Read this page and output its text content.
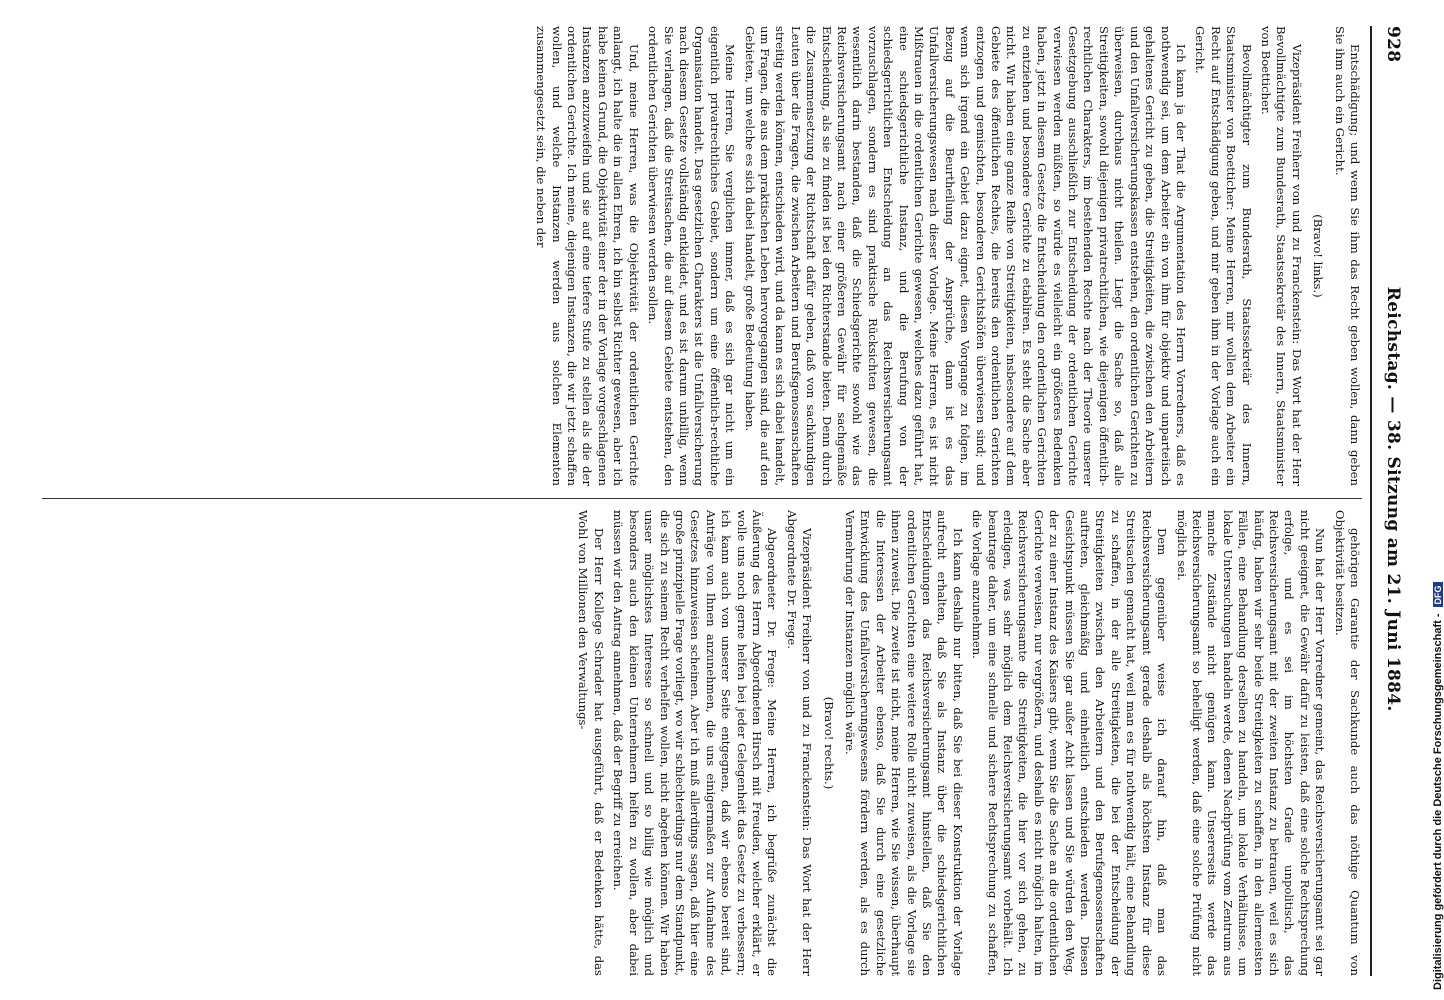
928
Reichstag. — 38. Sitzung am 21. Juni 1884.

Entschädigung; und wenn Sie ihm das Recht geben wollen, dann geben Sie ihm auch ein Gericht.

(Bravo! links.)

Vizepräsident Freiherr von und zu Franckenstein: Das Wort hat der Herr Bevollmächtigte zum Bundesrath, Staatssekretär des Innern, Staatsminister von Boetticher.

Bevollmächtigter zum Bundesrath, Staatssekretär des Innern, Staatsminister von Boetticher: Meine Herren, mir wollen dem Arbeiter ein Recht auf Entschädigung geben, und mir geben ihm in der Vorlage auch ein Gericht.

Ich kann ja der That die Argumentation des Herrn Vorredners, daß es nothwendig sei, um dem Arbeiter ein von ihm für objektiv und unparteiisch gehaltenes Gericht zu geben, die Streitigkeiten, die zwischen den Arbeitern und den Unfallversicherungskassen entstehen, den ordentlichen Gerichten zu überweisen, durchaus nicht theilen. Liegt die Sache so, daß alle Streitigkeiten, sowohl diejenigen privatrechtlichen, wie diejenigen öffentlich-rechtlichen Charakters, im bestehenden Rechte nach der Theorie unserer Gesetzgebung ausschließlich zur Entscheidung der ordentlichen Gerichte verwiesen werden müßten, so würde es vielleicht ein größeres Bedenken haben, jetzt in diesem Gesetze die Entscheidung den ordentlichen Gerichten zu entziehen und besondere Gerichte zu etabliren. Es steht die Sache aber nicht. Wir haben eine ganze Reihe von Streitigkeiten, insbesondere auf dem Gebiete des öffentlichen Rechtes, die bereits den ordentlichen Gerichten entzogen und gemischten, besonderen Gerichtshöfen überwiesen sind; und wenn sich irgend ein Gebiet dazu eignet, diesen Vorgange zu folgen, im Bezug auf die Beurtheilung der Ansprüche, dann ist es das Unfallversicherungswesen nach dieser Vorlage. Meine Herren, es ist nicht Mißtrauen in die ordentlichen Gerichte gewesen, welches dazu geführt hat, eine schiedsgerichtliche Instanz, und die Berufung von der schiedsgerichtlichen Entscheidung an das Reichsversicherungsamt vorzuschlagen, sondern es sind praktische Rücksichten gewesen, die wesentlich darin bestanden, daß die Schiedsgerichte sowohl wie das Reichsversicherungsamt nach einer größeren Gewähr für sachgemäße Entscheidung, als sie zu finden ist bei den Richterstande bieten. Denn durch die Zusammensetzung der Richtschaft dafür geben, daß von sachkundigen Leuten über die Fragen, die zwischen Arbeitern und Berufsgenossenschaften streitig werden können, entschieden wird, und da kann es sich dabei handelt, um Fragen, die aus dem praktischen Leben hervorgegangen sind, die auf den Gebieten, um welche es sich dabei handelt, große Bedeutung haben.

Meine Herren, Sie verglichen immer, daß es sich gar nicht um ein eigentlich privatrechtliches Gebiet, sondern um eine öffentlich-rechtliche Organisation handelt. Das gesetzlichen Charakters ist die Unfallversicherung nach diesem Gesetze vollständig entkleidet, und es ist darum unbillig, wenn Sie verlangen, daß die Streitsachen, die auf diesem Gebiete entstehen, den ordentlichen Gerichten überwiesen werden sollen.

Und, meine Herren, was die Objektivität der ordentlichen Gerichte anlangt, ich halte die in allen Ehren, ich bin selbst Richter gewesen, aber ich habe keinen Grund, die Objektivität einer der in der Vorlage vorgeschlagenen Instanzen anzuzweifeln und sie auf eine tiefere Stufe zu stellen als die der ordentlichen Gerichte. Ich meine, diejenigen Instanzen, die wir jetzt schaffen wollen, und welche Instanzen werden aus solchen Elementen zusammengesetzt sein, die neben der

gehörigen Garantie der Sachkunde auch das nöthige Quantum von Objektivität besitzen.

Nun hat der Herr Vorredner gemeint, das Reichsversicherungsamt sei gar nicht geeignet, die Gewähr dafür zu leisten, daß eine solche Rechtsprechung erfolge, und es sei im höchsten Grade unpolitisch, das Reichsversicherungsamt mit der zweiten Instanz zu betrauen, weil es sich häufig, haben wir sehr beide Streitigkeiten zu schaffen, in den allermeisten Fällen, eine Behandlung derselben zu handeln, um lokale Verhältnisse, um lokale Untersuchungen handeln werde, denen Nachprüfung vom Zentrum aus manche Zustände nicht genügen kann. Unsererseits werde das Reichsversicherungsamt so behelligt werden, daß eine solche Prüfung nicht möglich sei.

Dem gegenüber weise ich darauf hin, daß man das Reichsversicherungsamt gerade deshalb als höchsten Instanz für diese Streitsachen gemacht hat, weil man es für nothwendig hält, eine Behandlung zu schaffen, in der alle Streitigkeiten, die bei der Entscheidung der Streitigkeiten zwischen den Arbeitern und den Berufsgenossenschaften auftreten, gleichmäßig und einheitlich entschieden werden. Diesen Gesichtspunkt müssen Sie gar außer Acht lassen und Sie würden den Weg, der zu einer Instanz des Kaisers gibt, wenn Sie die Sache an die ordentlichen Gerichte verweisen, nur vergrößern, und deshalb es nicht möglich halten, im Reichsversicherungsamte die Streitigkeiten, die hier vor sich gehen, zu erledigen, was sehr möglich dem Reichsversicherungsamt vorbehält. Ich beantrage daher, um eine schnelle und sichere Rechtsprechung zu schaffen, die Vorlage anzunehmen.

Ich kann deshalb nur bitten, daß Sie bei dieser Konstruktion der Vorlage aufrecht erhalten, daß Sie als Instanz über die schiedsgerichtlichen Entscheidungen das Reichsversicherungsamt hinstellen, daß Sie den ordentlichen Gerichten eine weitere Rolle nicht zuweisen, als die Vorlage sie ihnen zuweist. Die zweite ist nicht, meine Herren, wie Sie wissen, überhaupt die Interessen der Arbeiter ebenso, daß Sie durch eine gesetzliche Entwicklung des Unfallversicherungswesens fördern werden, als es durch Vermehrung der Instanzen möglich wäre.

(Bravo! rechts.)

Vizepräsident Freiherr von und zu Franckenstein: Das Wort hat der Herr Abgeordnete Dr. Frege.

Abgeordneter Dr. Frege: Meine Herren, ich begrüße zunächst die Äußerung des Herrn Abgeordneten Hirsch mit Freuden, welcher erklärt, er wolle uns noch gerne helfen bei jeder Gelegenheit das Gesetz zu verbessern; ich kann auch von unserer Seite entgegnen, daß wir ebenso bereit sind, Anträge von Ihnen anzunehmen, die uns einigermaßen zur Aufnahme des Gesetzes hinzuweisen scheinen. Aber ich muß allerdings sagen, daß hier eine große prinzipielle Frage vorliegt, wo wir schlechterdings nur dem Standpunkt, die sich zu seinem Recht verhelfen wollen, nicht abgehen können. Wir haben unser möglichstes Interesse so schnell und so billig wie möglich und besonders auch den kleinen Unternehmern helfen zu wollen, aber dabei müssen wir den Antrag annehmen, daß der Begriff zu erreichen.

Der Herr Kollege Schrader hat ausgeführt, daß er Bedenken hätte, das Wohl von Millionen den Verwaltungs-	Digitalisierung gefördert durch die Deutsche Forschungsgemeinschaft -DFG
